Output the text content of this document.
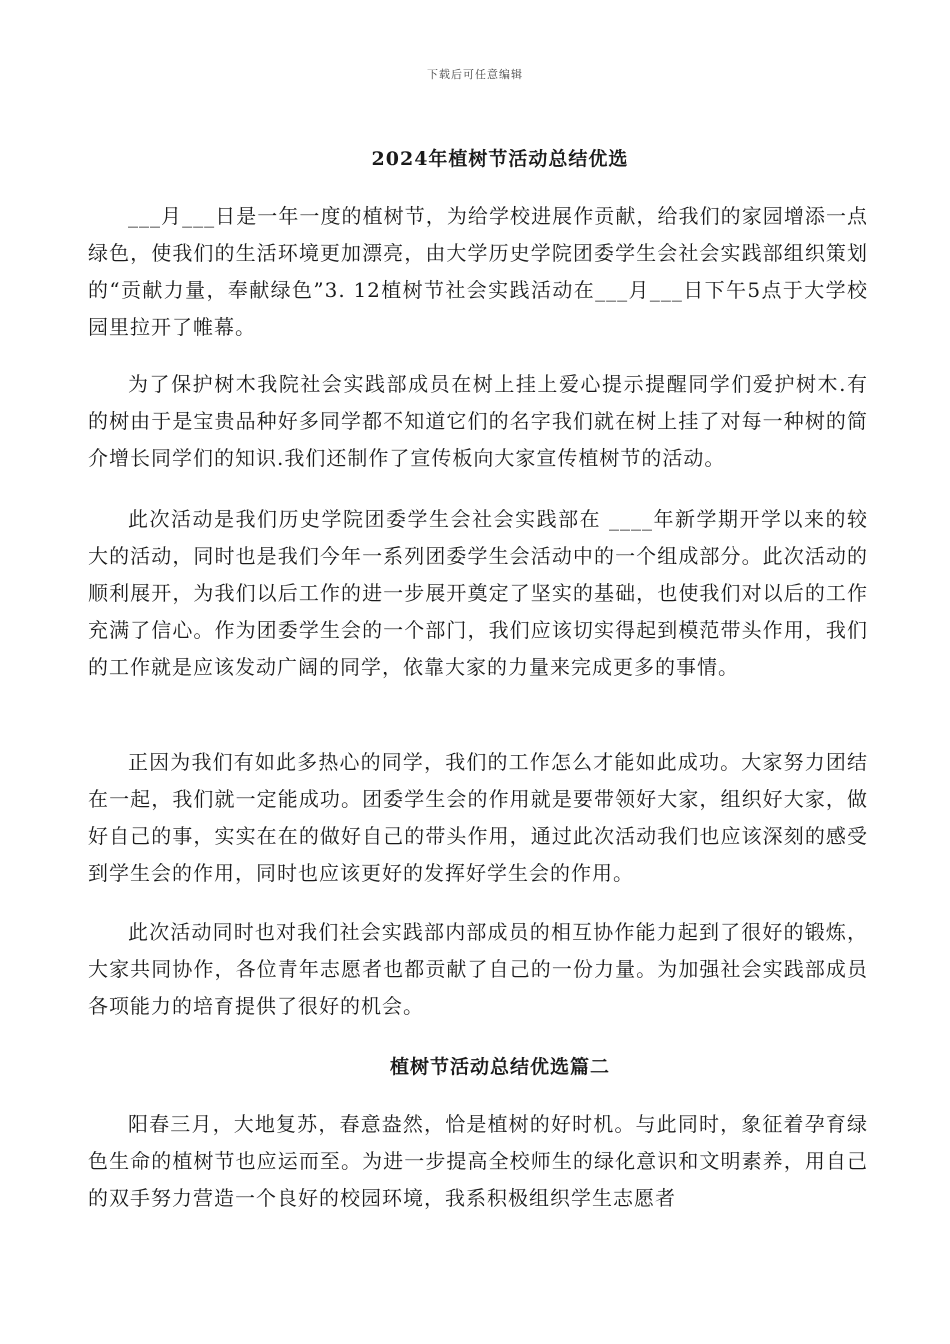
下载后可任意编辑
2024年植树节活动总结优选

___月___日是一年一度的植树节，为给学校进展作贡献，给我们的家园增添一点绿色，使我们的生活环境更加漂亮，由大学历史学院团委学生会社会实践部组织策划的“贡献力量，奉献绿色”3. 12植树节社会实践活动在___月___日下午5点于大学校园里拉开了帷幕。

为了保护树木我院社会实践部成员在树上挂上爱心提示提醒同学们爱护树木.有的树由于是宝贵品种好多同学都不知道它们的名字我们就在树上挂了对每一种树的简介增长同学们的知识.我们还制作了宣传板向大家宣传植树节的活动。

此次活动是我们历史学院团委学生会社会实践部在 ____年新学期开学以来的较大的活动，同时也是我们今年一系列团委学生会活动中的一个组成部分。此次活动的顺利展开，为我们以后工作的进一步展开奠定了坚实的基础，也使我们对以后的工作充满了信心。作为团委学生会的一个部门，我们应该切实得起到模范带头作用，我们的工作就是应该发动广阔的同学，依靠大家的力量来完成更多的事情。

正因为我们有如此多热心的同学，我们的工作怎么才能如此成功。大家努力团结在一起，我们就一定能成功。团委学生会的作用就是要带领好大家，组织好大家，做好自己的事，实实在在的做好自己的带头作用，通过此次活动我们也应该深刻的感受到学生会的作用，同时也应该更好的发挥好学生会的作用。

此次活动同时也对我们社会实践部内部成员的相互协作能力起到了很好的锻炼，大家共同协作，各位青年志愿者也都贡献了自己的一份力量。为加强社会实践部成员各项能力的培育提供了很好的机会。

植树节活动总结优选篇二

阳春三月，大地复苏，春意盎然，恰是植树的好时机。与此同时，象征着孕育绿色生命的植树节也应运而至。为进一步提高全校师生的绿化意识和文明素养，用自己的双手努力营造一个良好的校园环境，我系积极组织学生志愿者
